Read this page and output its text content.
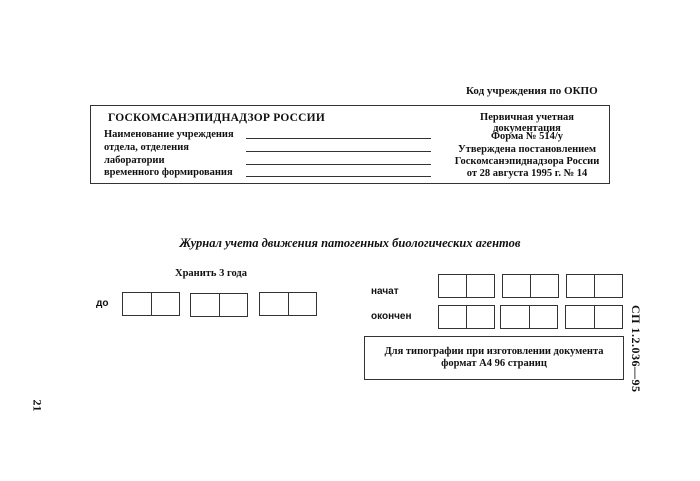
Код учреждения по ОКПО
ГОСКОМСАНЭПИДНАДЗОР РОССИИ
Наименование учреждения
отдела, отделения
лаборатории
временного формирования
Первичная учетная документация
Форма № 514/у
Утверждена постановлением
Госкомсанэпиднадзора России
от 28 августа 1995 г. № 14
Журнал учета движения патогенных биологических агентов
Хранить 3 года
до
начат
окончен
Для типографии при изготовлении документа
формат А4 96 страниц	СП 1.2.036—95
21
